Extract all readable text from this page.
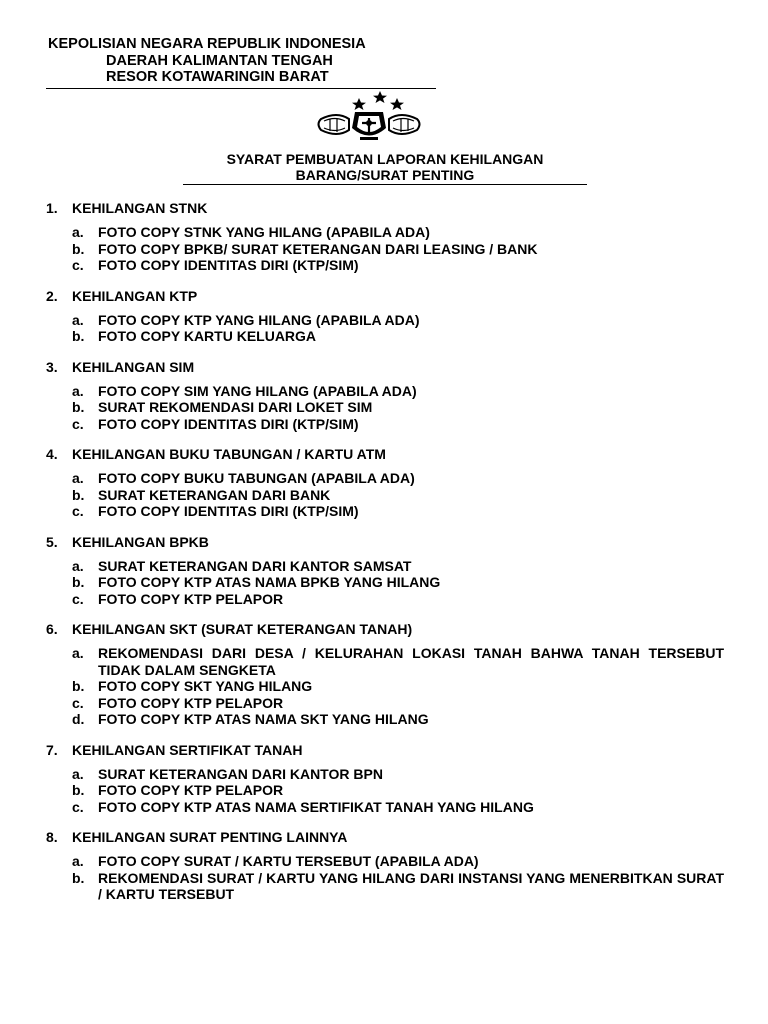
KEPOLISIAN NEGARA REPUBLIK INDONESIA
DAERAH KALIMANTAN TENGAH
RESOR KOTAWARINGIN BARAT
SYARAT PEMBUATAN LAPORAN KEHILANGAN
BARANG/SURAT PENTING
1.	KEHILANGAN STNK
a.	FOTO COPY STNK YANG HILANG (APABILA ADA)
b. FOTO COPY BPKB/ SURAT KETERANGAN DARI LEASING / BANK
c.	FOTO COPY IDENTITAS DIRI (KTP/SIM)
2.	KEHILANGAN KTP
a.	FOTO COPY KTP YANG HILANG (APABILA ADA)
b. FOTO COPY KARTU KELUARGA
3.	KEHILANGAN SIM
a.	FOTO COPY SIM YANG HILANG (APABILA ADA)
b. SURAT REKOMENDASI DARI LOKET SIM
c.	FOTO COPY IDENTITAS DIRI (KTP/SIM)
4.	KEHILANGAN BUKU TABUNGAN / KARTU ATM
a.	FOTO COPY BUKU TABUNGAN (APABILA ADA)
b. SURAT KETERANGAN DARI BANK
c.	FOTO COPY IDENTITAS DIRI (KTP/SIM)
5.	KEHILANGAN BPKB
a.	SURAT KETERANGAN DARI KANTOR SAMSAT
b. FOTO COPY KTP ATAS NAMA BPKB YANG HILANG
c.	FOTO COPY KTP PELAPOR
6.	KEHILANGAN SKT (SURAT KETERANGAN TANAH)
a.	REKOMENDASI DARI DESA / KELURAHAN LOKASI TANAH BAHWA TANAH TERSEBUT TIDAK DALAM SENGKETA
b. FOTO COPY SKT YANG HILANG
c.	FOTO COPY KTP PELAPOR
d. FOTO COPY KTP ATAS NAMA SKT YANG HILANG
7.	KEHILANGAN SERTIFIKAT TANAH
a.	SURAT KETERANGAN DARI KANTOR BPN
b. FOTO COPY KTP PELAPOR
c.	FOTO COPY KTP ATAS NAMA SERTIFIKAT TANAH YANG HILANG
8.	KEHILANGAN SURAT PENTING LAINNYA
a.	FOTO COPY SURAT / KARTU TERSEBUT (APABILA ADA)
b. REKOMENDASI SURAT / KARTU YANG HILANG DARI INSTANSI YANG MENERBITKAN SURAT / KARTU TERSEBUT
